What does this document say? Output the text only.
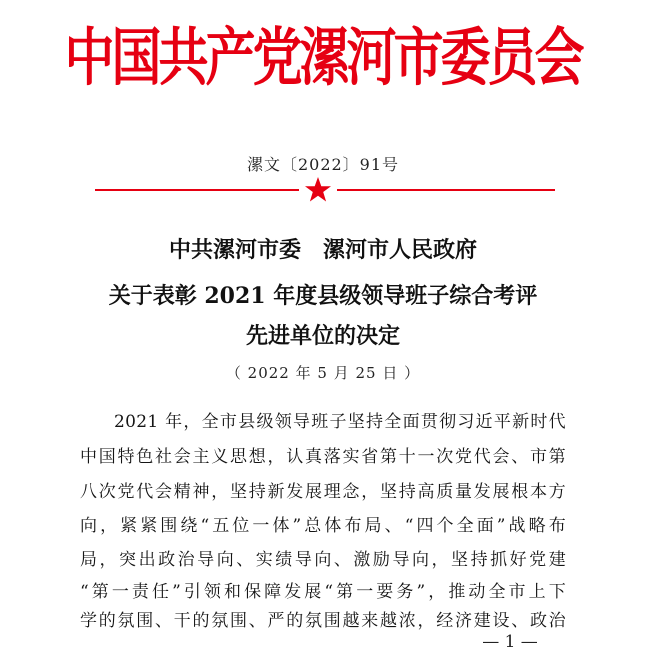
中国共产党漯河市委员会
漯文〔2022〕91号
中共漯河市委　漯河市人民政府
关于表彰 2021 年度县级领导班子综合考评
先进单位的决定
（ 2022 年 5 月 25 日 ）
2021 年，全市县级领导班子坚持全面贯彻习近平新时代
中国特色社会主义思想，认真落实省第十一次党代会、市第
八次党代会精神，坚持新发展理念，坚持高质量发展根本方
向，紧紧围绕“五位一体”总体布局、“四个全面”战略布
局，突出政治导向、实绩导向、激励导向，坚持抓好党建
“第一责任”引领和保障发展“第一要务”，推动全市上下
学的氛围、干的氛围、严的氛围越来越浓，经济建设、政治
— 1 —
